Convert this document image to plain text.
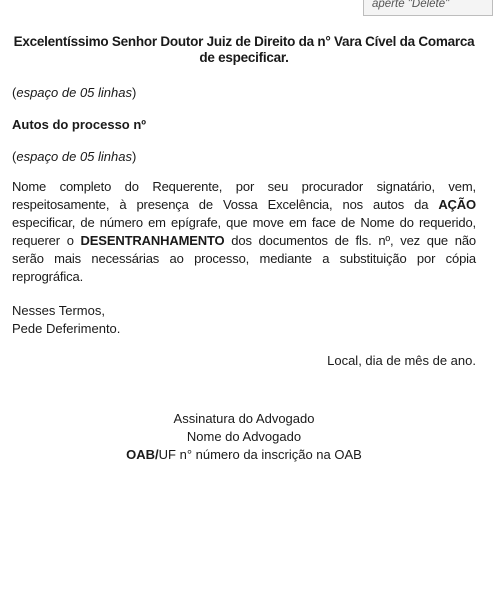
aperte "Delete"
Excelentíssimo Senhor Doutor Juiz de Direito da n° Vara Cível da Comarca
de especificar.

(espaço de 05 linhas)

Autos do processo nº

(espaço de 05 linhas)

Nome completo do Requerente, por seu procurador signatário, vem, respeitosamente, à presença de Vossa Excelência, nos autos da AÇÃO especificar, de número em epígrafe, que move em face de Nome do requerido, requerer o DESENTRANHAMENTO dos documentos de fls. nº, vez que não serão mais necessárias ao processo, mediante a substituição por cópia reprográfica.

Nesses Termos,

Pede Deferimento.

Local, dia de mês de ano.

Assinatura do Advogado
Nome do Advogado
OAB/UF n° número da inscrição na OAB
